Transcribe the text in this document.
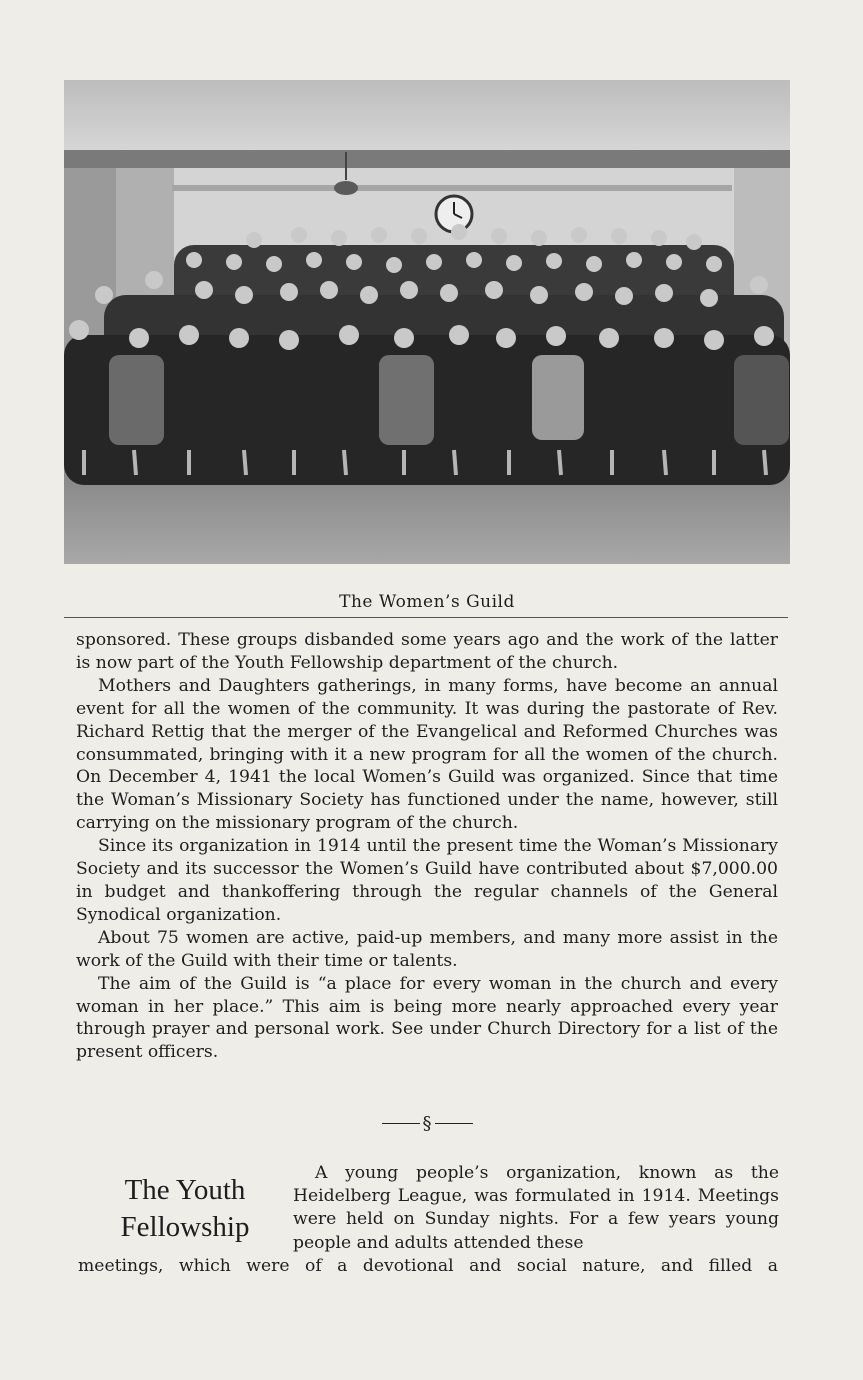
The Women’s Guild

sponsored. These groups disbanded some years ago and the work of the latter is now part of the Youth Fellowship department of the church.

Mothers and Daughters gatherings, in many forms, have become an annual event for all the women of the community. It was during the pastorate of Rev. Richard Rettig that the merger of the Evangelical and Reformed Churches was consummated, bringing with it a new program for all the women of the church. On December 4, 1941 the local Women’s Guild was organized. Since that time the Woman’s Missionary Society has functioned under the name, however, still carrying on the missionary program of the church.

Since its organization in 1914 until the present time the Woman’s Missionary Society and its successor the Women’s Guild have contributed about $7,000.00 in budget and thankoffering through the regular channels of the General Synodical organization.

About 75 women are active, paid-up members, and many more assist in the work of the Guild with their time or talents.

The aim of the Guild is “a place for every woman in the church and every woman in her place.” This aim is being more nearly approached every year through prayer and personal work. See under Church Directory for a list of the present officers.

§
The Youth
Fellowship

A young people’s organization, known as the Heidelberg League, was formulated in 1914. Meetings were held on Sunday nights. For a few years young people and adults attended these

meetings, which were of a devotional and social nature, and filled a
